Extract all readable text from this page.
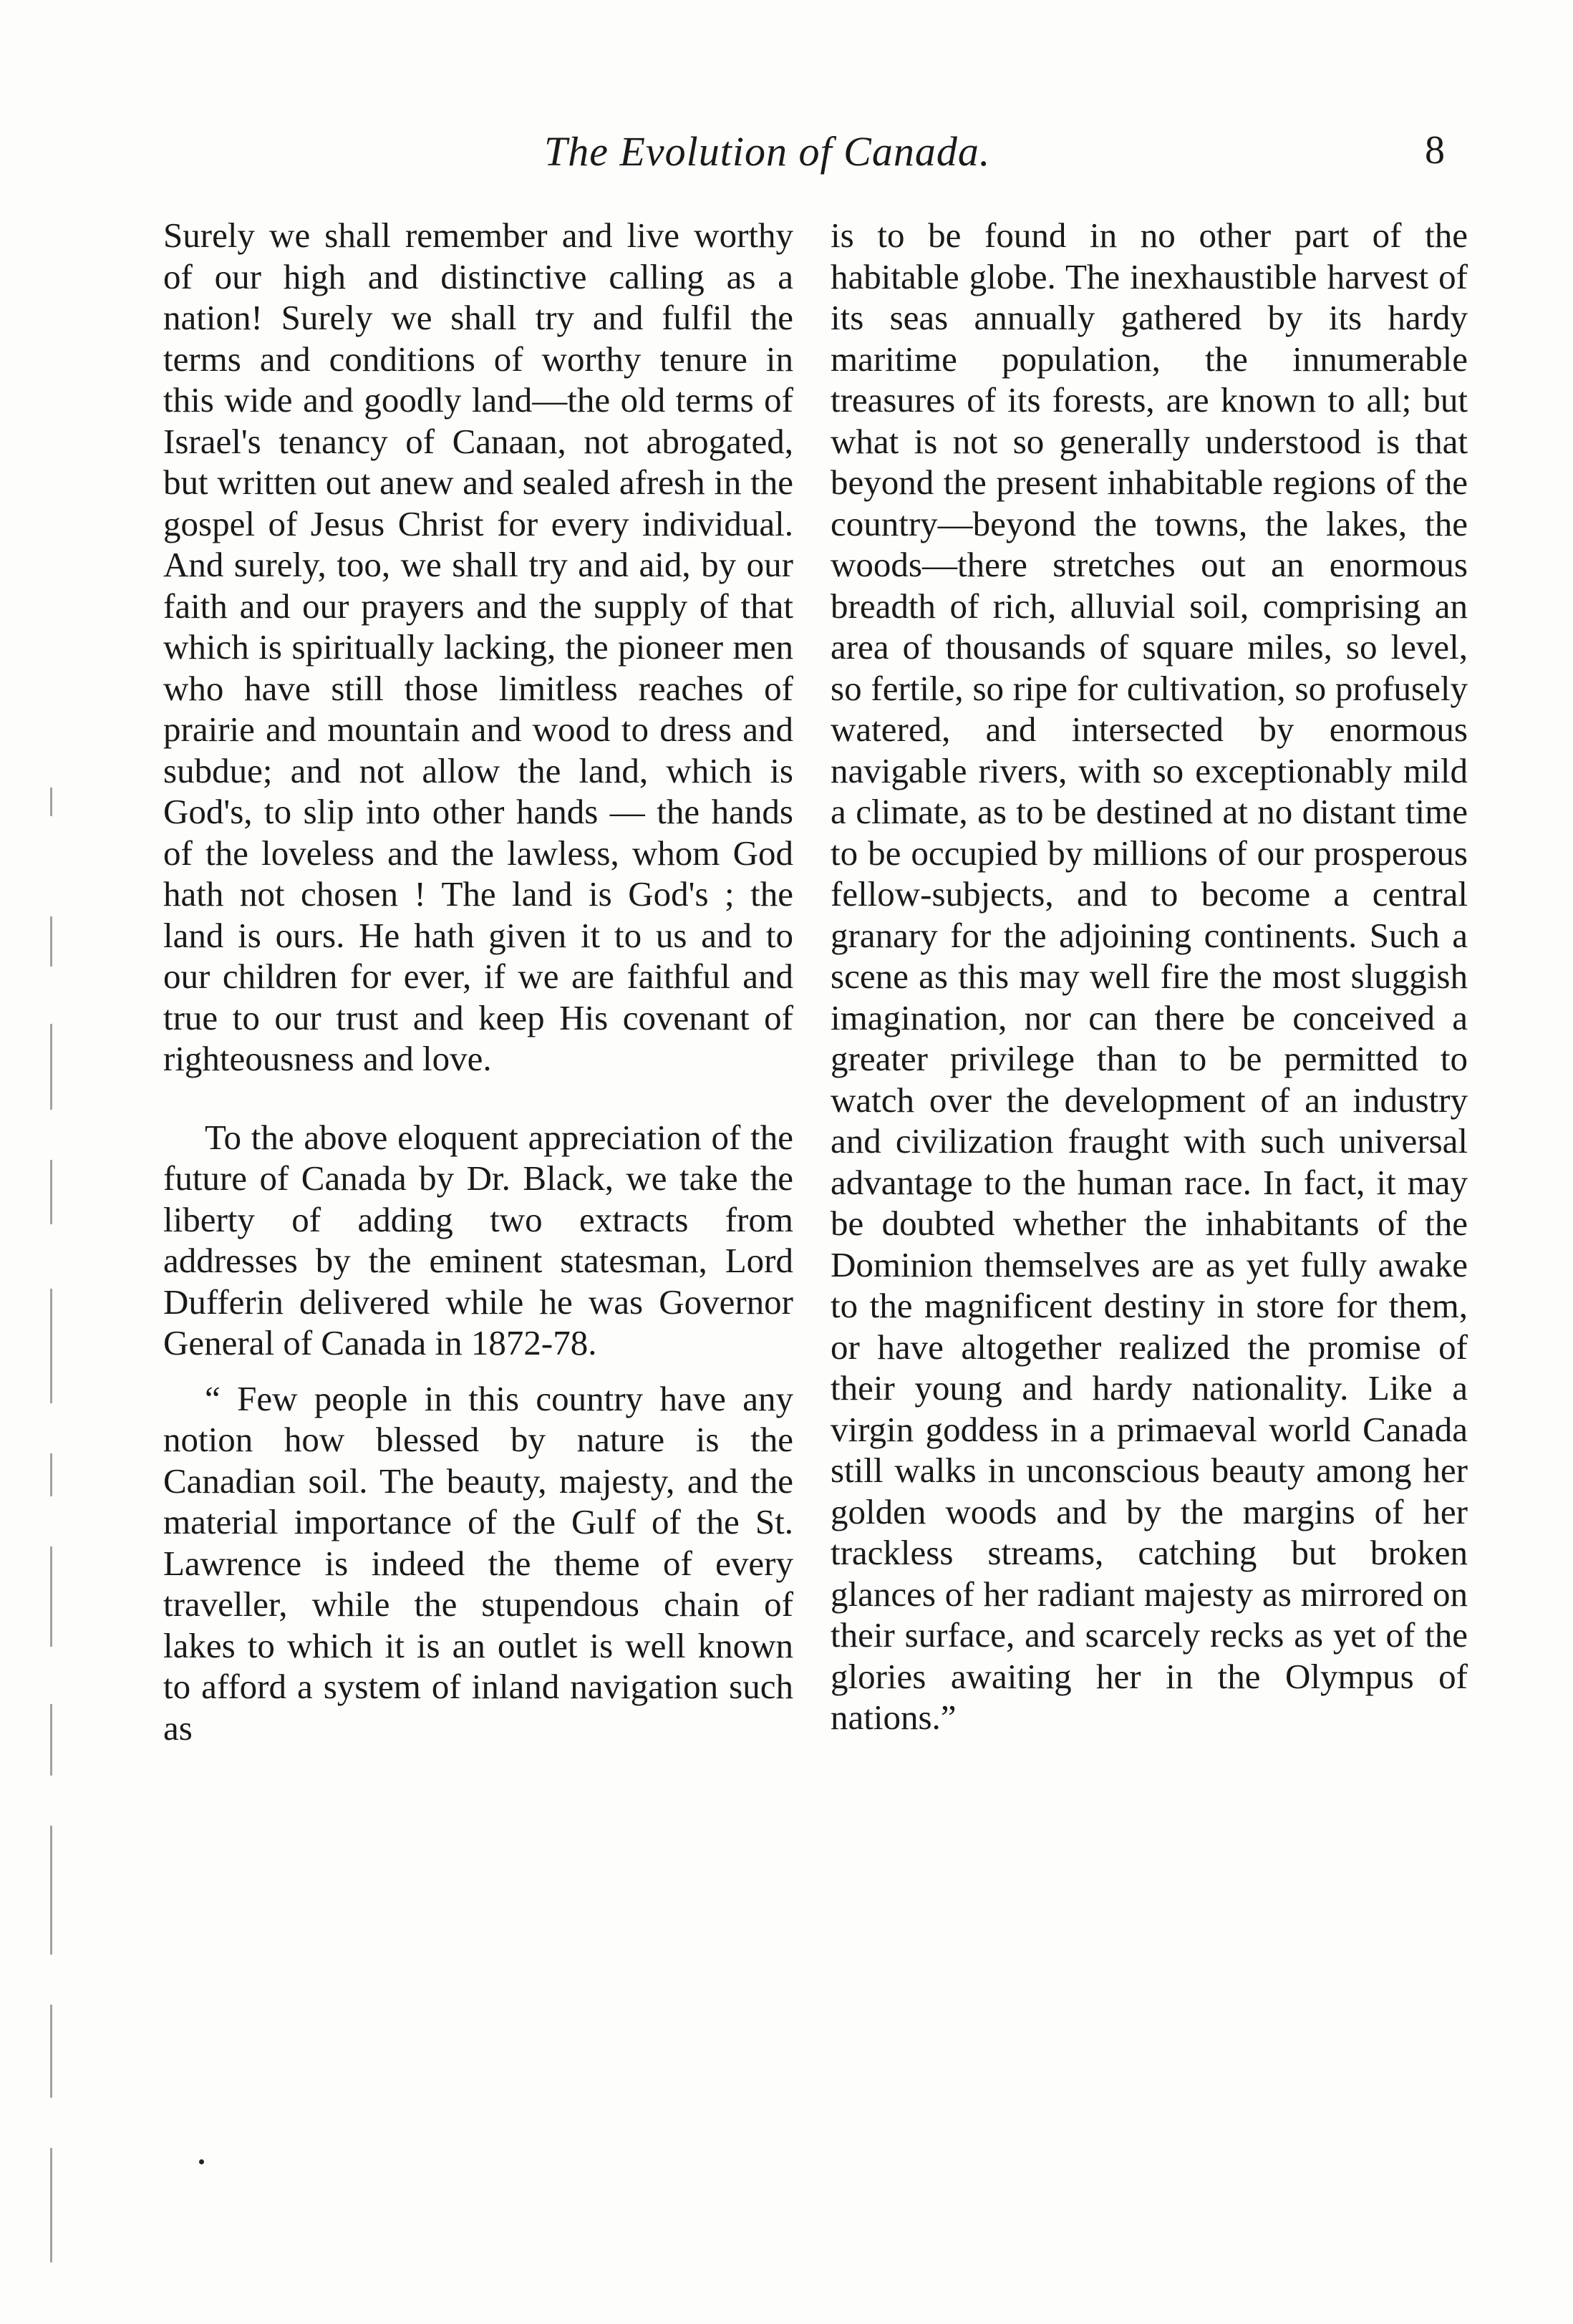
The Evolution of Canada.	8

Surely we shall remember and live worthy of our high and distinctive calling as a nation! Surely we shall try and fulfil the terms and conditions of worthy tenure in this wide and goodly land—the old terms of Israel's tenancy of Canaan, not abrogated, but written out anew and sealed afresh in the gospel of Jesus Christ for every individual. And surely, too, we shall try and aid, by our faith and our prayers and the supply of that which is spiritually lacking, the pioneer men who have still those limitless reaches of prairie and mountain and wood to dress and subdue; and not allow the land, which is God's, to slip into other hands — the hands of the loveless and the lawless, whom God hath not chosen ! The land is God's ; the land is ours. He hath given it to us and to our children for ever, if we are faithful and true to our trust and keep His covenant of righteousness and love.

To the above eloquent appreciation of the future of Canada by Dr. Black, we take the liberty of adding two extracts from addresses by the eminent statesman, Lord Dufferin delivered while he was Governor General of Canada in 1872-78.

“ Few people in this country have any notion how blessed by nature is the Canadian soil. The beauty, majesty, and the material importance of the Gulf of the St. Lawrence is indeed the theme of every traveller, while the stupendous chain of lakes to which it is an outlet is well known to afford a system of inland navigation such as

is to be found in no other part of the habitable globe. The inexhaustible harvest of its seas annually gathered by its hardy maritime population, the innumerable treasures of its forests, are known to all; but what is not so generally understood is that beyond the present inhabitable regions of the country—beyond the towns, the lakes, the woods—there stretches out an enormous breadth of rich, alluvial soil, comprising an area of thousands of square miles, so level, so fertile, so ripe for cultivation, so profusely watered, and intersected by enormous navigable rivers, with so exceptionably mild a climate, as to be destined at no distant time to be occupied by millions of our prosperous fellow-subjects, and to become a central granary for the adjoining continents. Such a scene as this may well fire the most sluggish imagination, nor can there be conceived a greater privilege than to be permitted to watch over the development of an industry and civilization fraught with such universal advantage to the human race. In fact, it may be doubted whether the inhabitants of the Dominion themselves are as yet fully awake to the magnificent destiny in store for them, or have altogether realized the promise of their young and hardy nationality. Like a virgin goddess in a primaeval world Canada still walks in unconscious beauty among her golden woods and by the margins of her trackless streams, catching but broken glances of her radiant majesty as mirrored on their surface, and scarcely recks as yet of the glories awaiting her in the Olympus of nations.”
